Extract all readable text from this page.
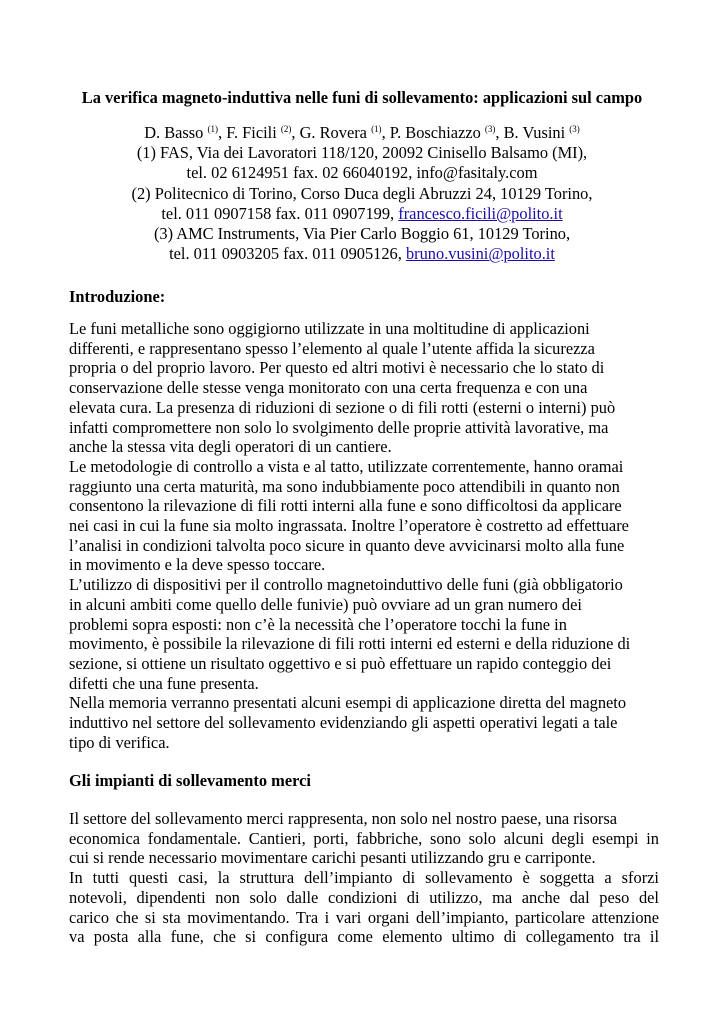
La verifica magneto-induttiva nelle funi di sollevamento: applicazioni sul campo
D. Basso $^{(1)}$, F. Ficili $^{(2)}$, G. Rovera $^{(1)}$, P. Boschiazzo $^{(3)}$, B. Vusini $^{(3)}$
(1) FAS, Via dei Lavoratori 118/120, 20092 Cinisello Balsamo (MI),
tel. 02 6124951 fax. 02 66040192, info@fasitaly.com
(2) Politecnico di Torino, Corso Duca degli Abruzzi 24, 10129 Torino,
tel. 011 0907158 fax. 011 0907199, francesco.ficili@polito.it
(3) AMC Instruments, Via Pier Carlo Boggio 61, 10129 Torino,
tel. 011 0903205 fax. 011 0905126, bruno.vusini@polito.it
Introduzione:
Le funi metalliche sono oggigiorno utilizzate in una moltitudine di applicazioni
differenti, e rappresentano spesso l’elemento al quale l’utente affida la sicurezza
propria o del proprio lavoro. Per questo ed altri motivi è necessario che lo stato di
conservazione delle stesse venga monitorato con una certa frequenza e con una
elevata cura. La presenza di riduzioni di sezione o di fili rotti (esterni o interni) può
infatti compromettere non solo lo svolgimento delle proprie attività lavorative, ma
anche la stessa vita degli operatori di un cantiere.
Le metodologie di controllo a vista e al tatto, utilizzate correntemente, hanno oramai
raggiunto una certa maturità, ma sono indubbiamente poco attendibili in quanto non
consentono la rilevazione di fili rotti interni alla fune e sono difficoltosi da applicare
nei casi in cui la fune sia molto ingrassata. Inoltre l’operatore è costretto ad effettuare
l’analisi in condizioni talvolta poco sicure in quanto deve avvicinarsi molto alla fune
in movimento e la deve spesso toccare.
L’utilizzo di dispositivi per il controllo magnetoinduttivo delle funi (già obbligatorio
in alcuni ambiti come quello delle funivie) può ovviare ad un gran numero dei
problemi sopra esposti: non c’è la necessità che l’operatore tocchi la fune in
movimento, è possibile la rilevazione di fili rotti interni ed esterni e della riduzione di
sezione, si ottiene un risultato oggettivo e si può effettuare un rapido conteggio dei
difetti che una fune presenta.
Nella memoria verranno presentati alcuni esempi di applicazione diretta del magneto
induttivo nel settore del sollevamento evidenziando gli aspetti operativi legati a tale
tipo di verifica.
Gli impianti di sollevamento merci
Il settore del sollevamento merci rappresenta, non solo nel nostro paese, una risorsa
economica fondamentale. Cantieri, porti, fabbriche, sono solo alcuni degli esempi in
cui si rende necessario movimentare carichi pesanti utilizzando gru e carriponte.
In tutti questi casi, la struttura dell’impianto di sollevamento è soggetta a sforzi
notevoli, dipendenti non solo dalle condizioni di utilizzo, ma anche dal peso del
carico che si sta movimentando. Tra i vari organi dell’impianto, particolare attenzione
va posta alla fune, che si configura come elemento ultimo di collegamento tra il
